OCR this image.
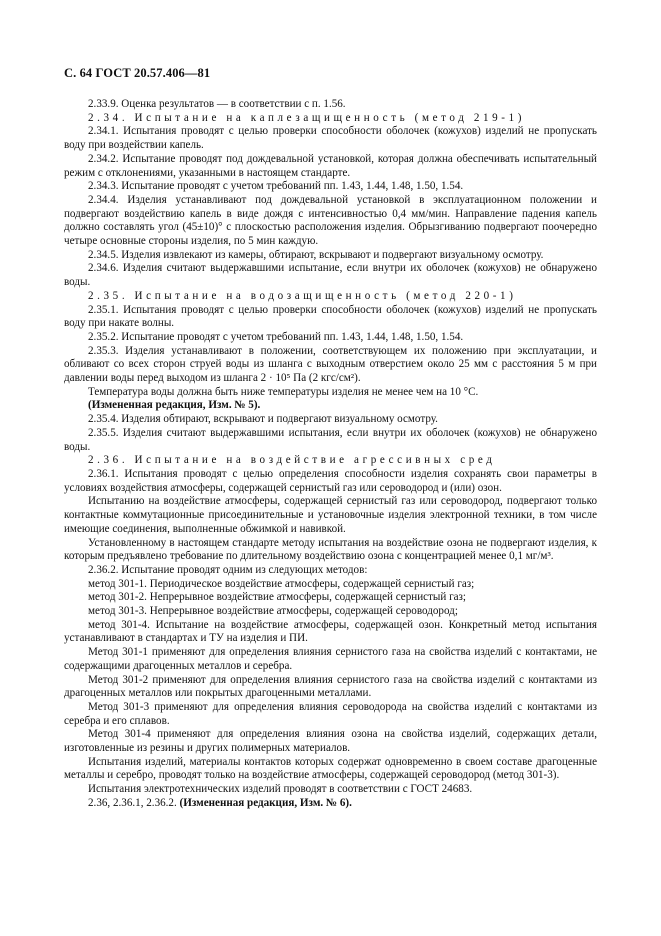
С. 64 ГОСТ 20.57.406—81

2.33.9. Оценка результатов — в соответствии с п. 1.56.

2.34. Испытание на каплезащищенность (метод 219-1)

2.34.1. Испытания проводят с целью проверки способности оболочек (кожухов) изделий не пропускать воду при воздействии капель.

2.34.2. Испытание проводят под дождевальной установкой, которая должна обеспечивать испытательный режим с отклонениями, указанными в настоящем стандарте.

2.34.3. Испытание проводят с учетом требований пп. 1.43, 1.44, 1.48, 1.50, 1.54.

2.34.4. Изделия устанавливают под дождевальной установкой в эксплуатационном положении и подвергают воздействию капель в виде дождя с интенсивностью 0,4 мм/мин. Направление падения капель должно составлять угол (45±10)° с плоскостью расположения изделия. Обрызгиванию подвергают поочередно четыре основные стороны изделия, по 5 мин каждую.

2.34.5. Изделия извлекают из камеры, обтирают, вскрывают и подвергают визуальному осмотру.

2.34.6. Изделия считают выдержавшими испытание, если внутри их оболочек (кожухов) не обнаружено воды.

2.35. Испытание на водозащищенность (метод 220-1)

2.35.1. Испытания проводят с целью проверки способности оболочек (кожухов) изделий не пропускать воду при накате волны.

2.35.2. Испытание проводят с учетом требований пп. 1.43, 1.44, 1.48, 1.50, 1.54.

2.35.3. Изделия устанавливают в положении, соответствующем их положению при эксплуатации, и обливают со всех сторон струей воды из шланга с выходным отверстием около 25 мм с расстояния 5 м при давлении воды перед выходом из шланга 2 · 10⁵ Па (2 кгс/см²).

Температура воды должна быть ниже температуры изделия не менее чем на 10 °С.

(Измененная редакция, Изм. № 5).

2.35.4. Изделия обтирают, вскрывают и подвергают визуальному осмотру.

2.35.5. Изделия считают выдержавшими испытания, если внутри их оболочек (кожухов) не обнаружено воды.

2.36. Испытание на воздействие агрессивных сред

2.36.1. Испытания проводят с целью определения способности изделия сохранять свои параметры в условиях воздействия атмосферы, содержащей сернистый газ или сероводород и (или) озон.

Испытанию на воздействие атмосферы, содержащей сернистый газ или сероводород, подвергают только контактные коммутационные присоединительные и установочные изделия электронной техники, в том числе имеющие соединения, выполненные обжимкой и навивкой.

Установленному в настоящем стандарте методу испытания на воздействие озона не подвергают изделия, к которым предъявлено требование по длительному воздействию озона с концентрацией менее 0,1 мг/м³.

2.36.2. Испытание проводят одним из следующих методов:

метод 301-1. Периодическое воздействие атмосферы, содержащей сернистый газ;

метод 301-2. Непрерывное воздействие атмосферы, содержащей сернистый газ;

метод 301-3. Непрерывное воздействие атмосферы, содержащей сероводород;

метод 301-4. Испытание на воздействие атмосферы, содержащей озон. Конкретный метод испытания устанавливают в стандартах и ТУ на изделия и ПИ.

Метод 301-1 применяют для определения влияния сернистого газа на свойства изделий с контактами, не содержащими драгоценных металлов и серебра.

Метод 301-2 применяют для определения влияния сернистого газа на свойства изделий с контактами из драгоценных металлов или покрытых драгоценными металлами.

Метод 301-3 применяют для определения влияния сероводорода на свойства изделий с контактами из серебра и его сплавов.

Метод 301-4 применяют для определения влияния озона на свойства изделий, содержащих детали, изготовленные из резины и других полимерных материалов.

Испытания изделий, материалы контактов которых содержат одновременно в своем составе драгоценные металлы и серебро, проводят только на воздействие атмосферы, содержащей сероводород (метод 301-3).

Испытания электротехнических изделий проводят в соответствии с ГОСТ 24683.

2.36, 2.36.1, 2.36.2. (Измененная редакция, Изм. № 6).
